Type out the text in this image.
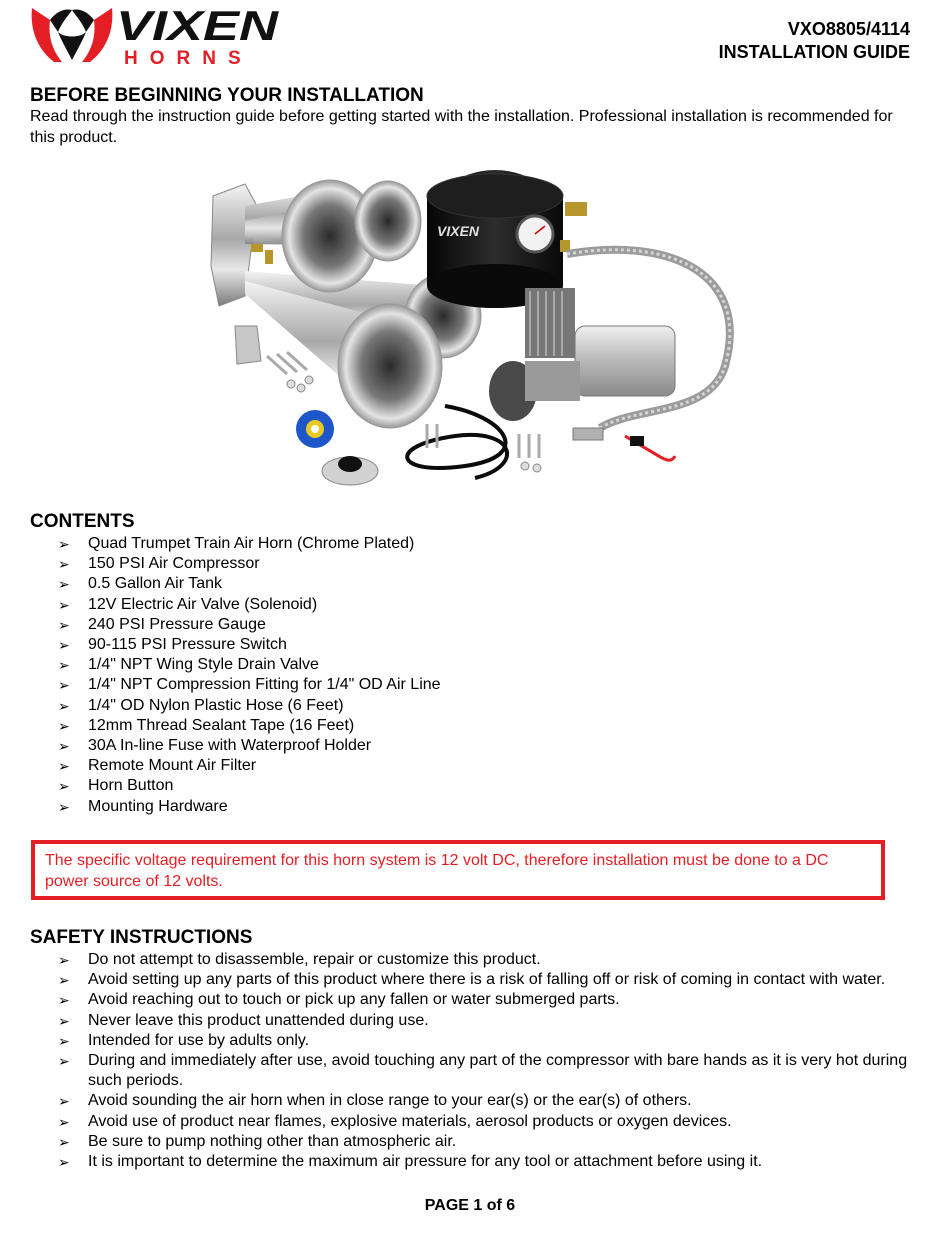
VIXEN
HORNS
VXO8805/4114
INSTALLATION GUIDE
BEFORE BEGINNING YOUR INSTALLATION

Read through the instruction guide before getting started with the installation. Professional installation is recommended for this product.

VIXEN
CONTENTS
➢ Quad Trumpet Train Air Horn (Chrome Plated)
➢ 150 PSI Air Compressor
➢ 0.5 Gallon Air Tank
➢ 12V Electric Air Valve (Solenoid)
➢ 240 PSI Pressure Gauge
➢ 90-115 PSI Pressure Switch
➢ 1/4" NPT Wing Style Drain Valve
➢ 1/4" NPT Compression Fitting for 1/4" OD Air Line
➢ 1/4" OD Nylon Plastic Hose (6 Feet)
➢ 12mm Thread Sealant Tape (16 Feet)
➢ 30A In-line Fuse with Waterproof Holder
➢ Remote Mount Air Filter
➢ Horn Button
➢ Mounting Hardware
The specific voltage requirement for this horn system is 12 volt DC, therefore installation must be done to a DC power source of 12 volts.
SAFETY INSTRUCTIONS
➢ Do not attempt to disassemble, repair or customize this product.
➢ Avoid setting up any parts of this product where there is a risk of falling off or risk of coming in contact with water.
➢ Avoid reaching out to touch or pick up any fallen or water submerged parts.
➢ Never leave this product unattended during use.
➢ Intended for use by adults only.
➢ During and immediately after use, avoid touching any part of the compressor with bare hands as it is very hot during such periods.
➢ Avoid sounding the air horn when in close range to your ear(s) or the ear(s) of others.
➢ Avoid use of product near flames, explosive materials, aerosol products or oxygen devices.
➢ Be sure to pump nothing other than atmospheric air.
➢ It is important to determine the maximum air pressure for any tool or attachment before using it.
PAGE 1 of 6
